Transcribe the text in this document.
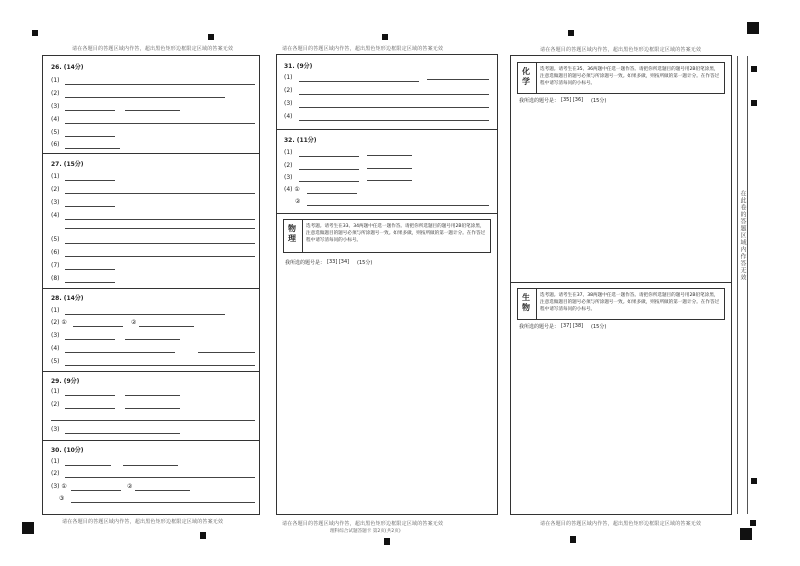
请在各题目的答题区域内作答，超出黑色矩形边框限定区域的答案无效
请在各题目的答题区域内作答，超出黑色矩形边框限定区域的答案无效
26. (14分)
(1)
(2)
(3)
(4)
(5)
(6)
27. (15分)
(1)
(2)
(3)
(4)
(5)
(6)
(7)
(8)
28. (14分)
(1)
(2) ①	②
(3)
(4)
(5)
29. (9分)
(1)
(2)
(3)
30. (10分)
(1)
(2)
(3) ①	②
③
请在各题目的答题区域内作答，超出黑色矩形边框限定区域的答案无效
31. (9分)
(1)
(2)
(3)
(4)
32. (11分)
(1)
(2)
(3)
(4) ①
②
物理
选考题。请考生在33、34两题中任选一题作答。请把你所选题目的题号用2B铅笔涂黑，注意选做题目的题号必须与所涂题号一致。如果多做，则按所做的第一题计分。在作答过程中请写清每问的小标号。
我所选的题号是： [33] [34] (15分)
请在各题目的答题区域内作答，超出黑色矩形边框限定区域的答案无效
理科综合试题答题卡 第2页(共2页)
请在各题目的答题区域内作答，超出黑色矩形边框限定区域的答案无效
化学
选考题。请考生在35、36两题中任选一题作答。请把你所选题目的题号用2B铅笔涂黑，注意选做题目的题号必须与所涂题号一致。如果多做，则按所做的第一题计分。在作答过程中请写清每问的小标号。
我所选的题号是： [35] [36] (15分)
生物
选考题。请考生在37、38两题中任选一题作答。请把你所选题目的题号用2B铅笔涂黑，注意选做题目的题号必须与所涂题号一致。如果多做，则按所做的第一题计分。在作答过程中请写清每问的小标号。
我所选的题号是： [37] [38] (15分)
请在各题目的答题区域内作答，超出黑色矩形边框限定区域的答案无效
在此卷的答题区域内作答无效
